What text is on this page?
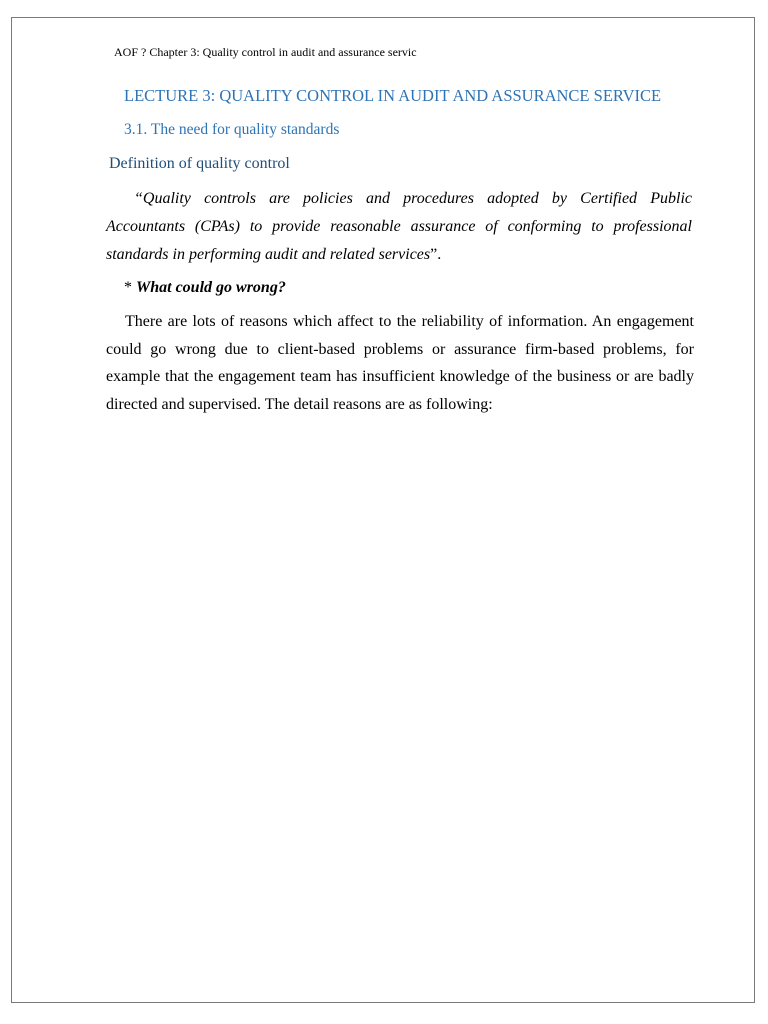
AOF ? Chapter 3: Quality control in audit and assurance servic
LECTURE 3: QUALITY CONTROL IN AUDIT AND ASSURANCE SERVICE
3.1. The need for quality standards
Definition of quality control

“Quality controls are policies and procedures adopted by Certified Public Accountants (CPAs) to provide reasonable assurance of conforming to professional standards in performing audit and related services”.

* What could go wrong?

There are lots of reasons which affect to the reliability of information. An engagement could go wrong due to client-based problems or assurance firm-based problems, for example that the engagement team has insufficient knowledge of the business or are badly directed and supervised. The detail reasons are as following:
